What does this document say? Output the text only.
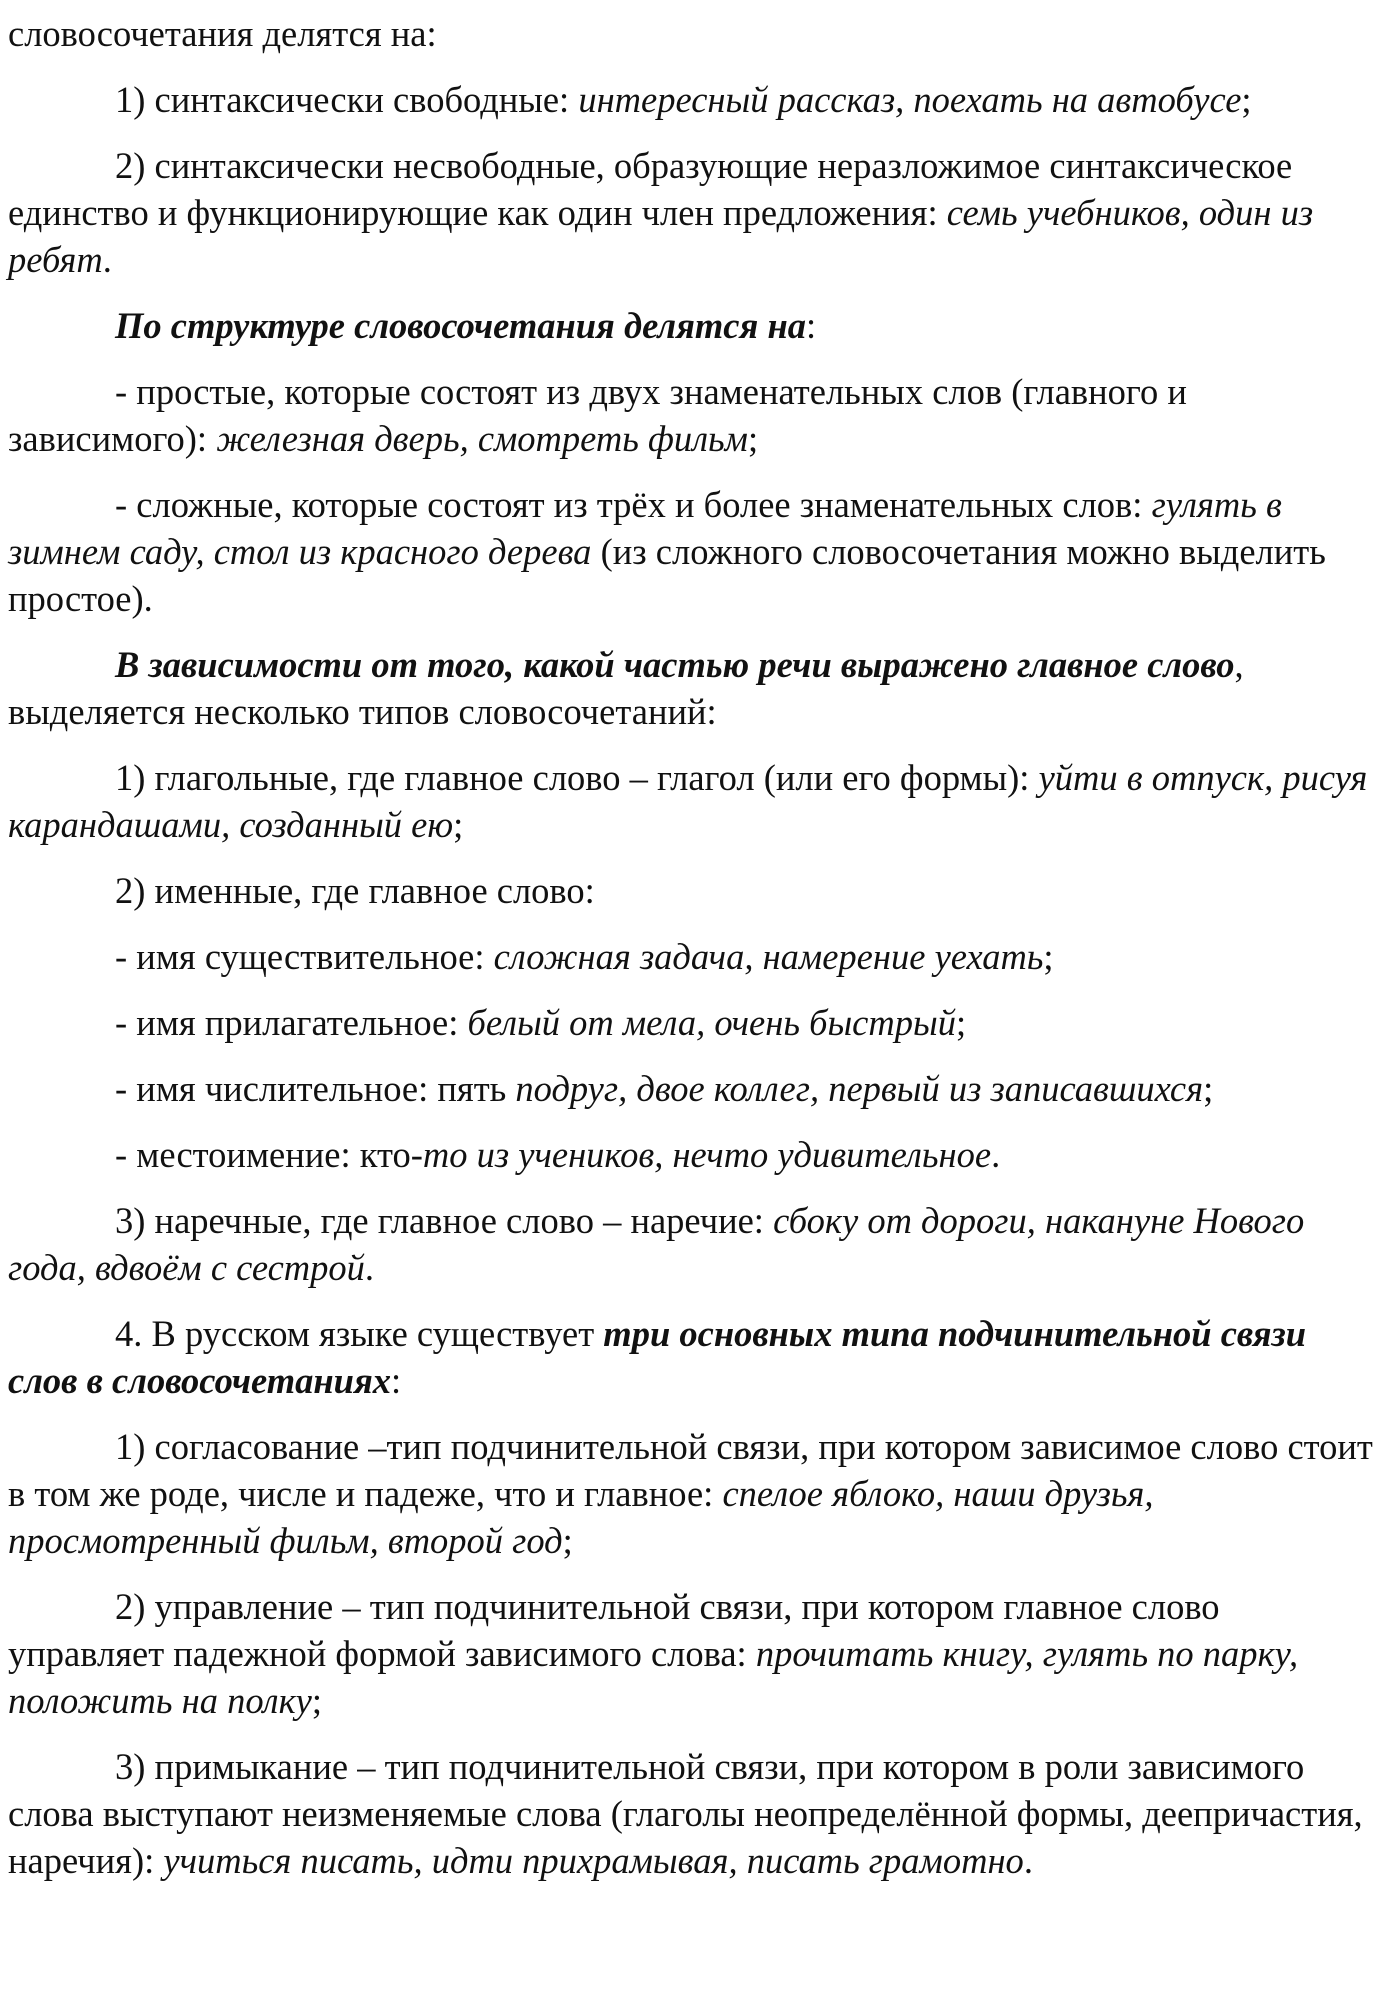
словосочетания делятся на:

1) синтаксически свободные: интересный рассказ, поехать на автобусе;

2) синтаксически несвободные, образующие неразложимое синтаксическое единство и функционирующие как один член предложения: семь учебников, один из ребят.

По структуре словосочетания делятся на:

- простые, которые состоят из двух знаменательных слов (главного и зависимого): железная дверь, смотреть фильм;

- сложные, которые состоят из трёх и более знаменательных слов: гулять в зимнем саду, стол из красного дерева (из сложного словосочетания можно выделить простое).

В зависимости от того, какой частью речи выражено главное слово, выделяется несколько типов словосочетаний:

1) глагольные, где главное слово – глагол (или его формы): уйти в отпуск, рисуя карандашами, созданный ею;

2) именные, где главное слово:

- имя существительное: сложная задача, намерение уехать;

- имя прилагательное: белый от мела, очень быстрый;

- имя числительное: пять подруг, двое коллег, первый из записавшихся;

- местоимение: кто-то из учеников, нечто удивительное.

3) наречные, где главное слово – наречие: сбоку от дороги, накануне Нового года, вдвоём с сестрой.

4. В русском языке существует три основных типа подчинительной связи слов в словосочетаниях:

1) согласование –тип подчинительной связи, при котором зависимое слово стоит в том же роде, числе и падеже, что и главное: спелое яблоко, наши друзья, просмотренный фильм, второй год;

2) управление – тип подчинительной связи, при котором главное слово управляет падежной формой зависимого слова: прочитать книгу, гулять по парку, положить на полку;

3) примыкание – тип подчинительной связи, при котором в роли зависимого слова выступают неизменяемые слова (глаголы неопределённой формы, деепричастия, наречия): учиться писать, идти прихрамывая, писать грамотно.
